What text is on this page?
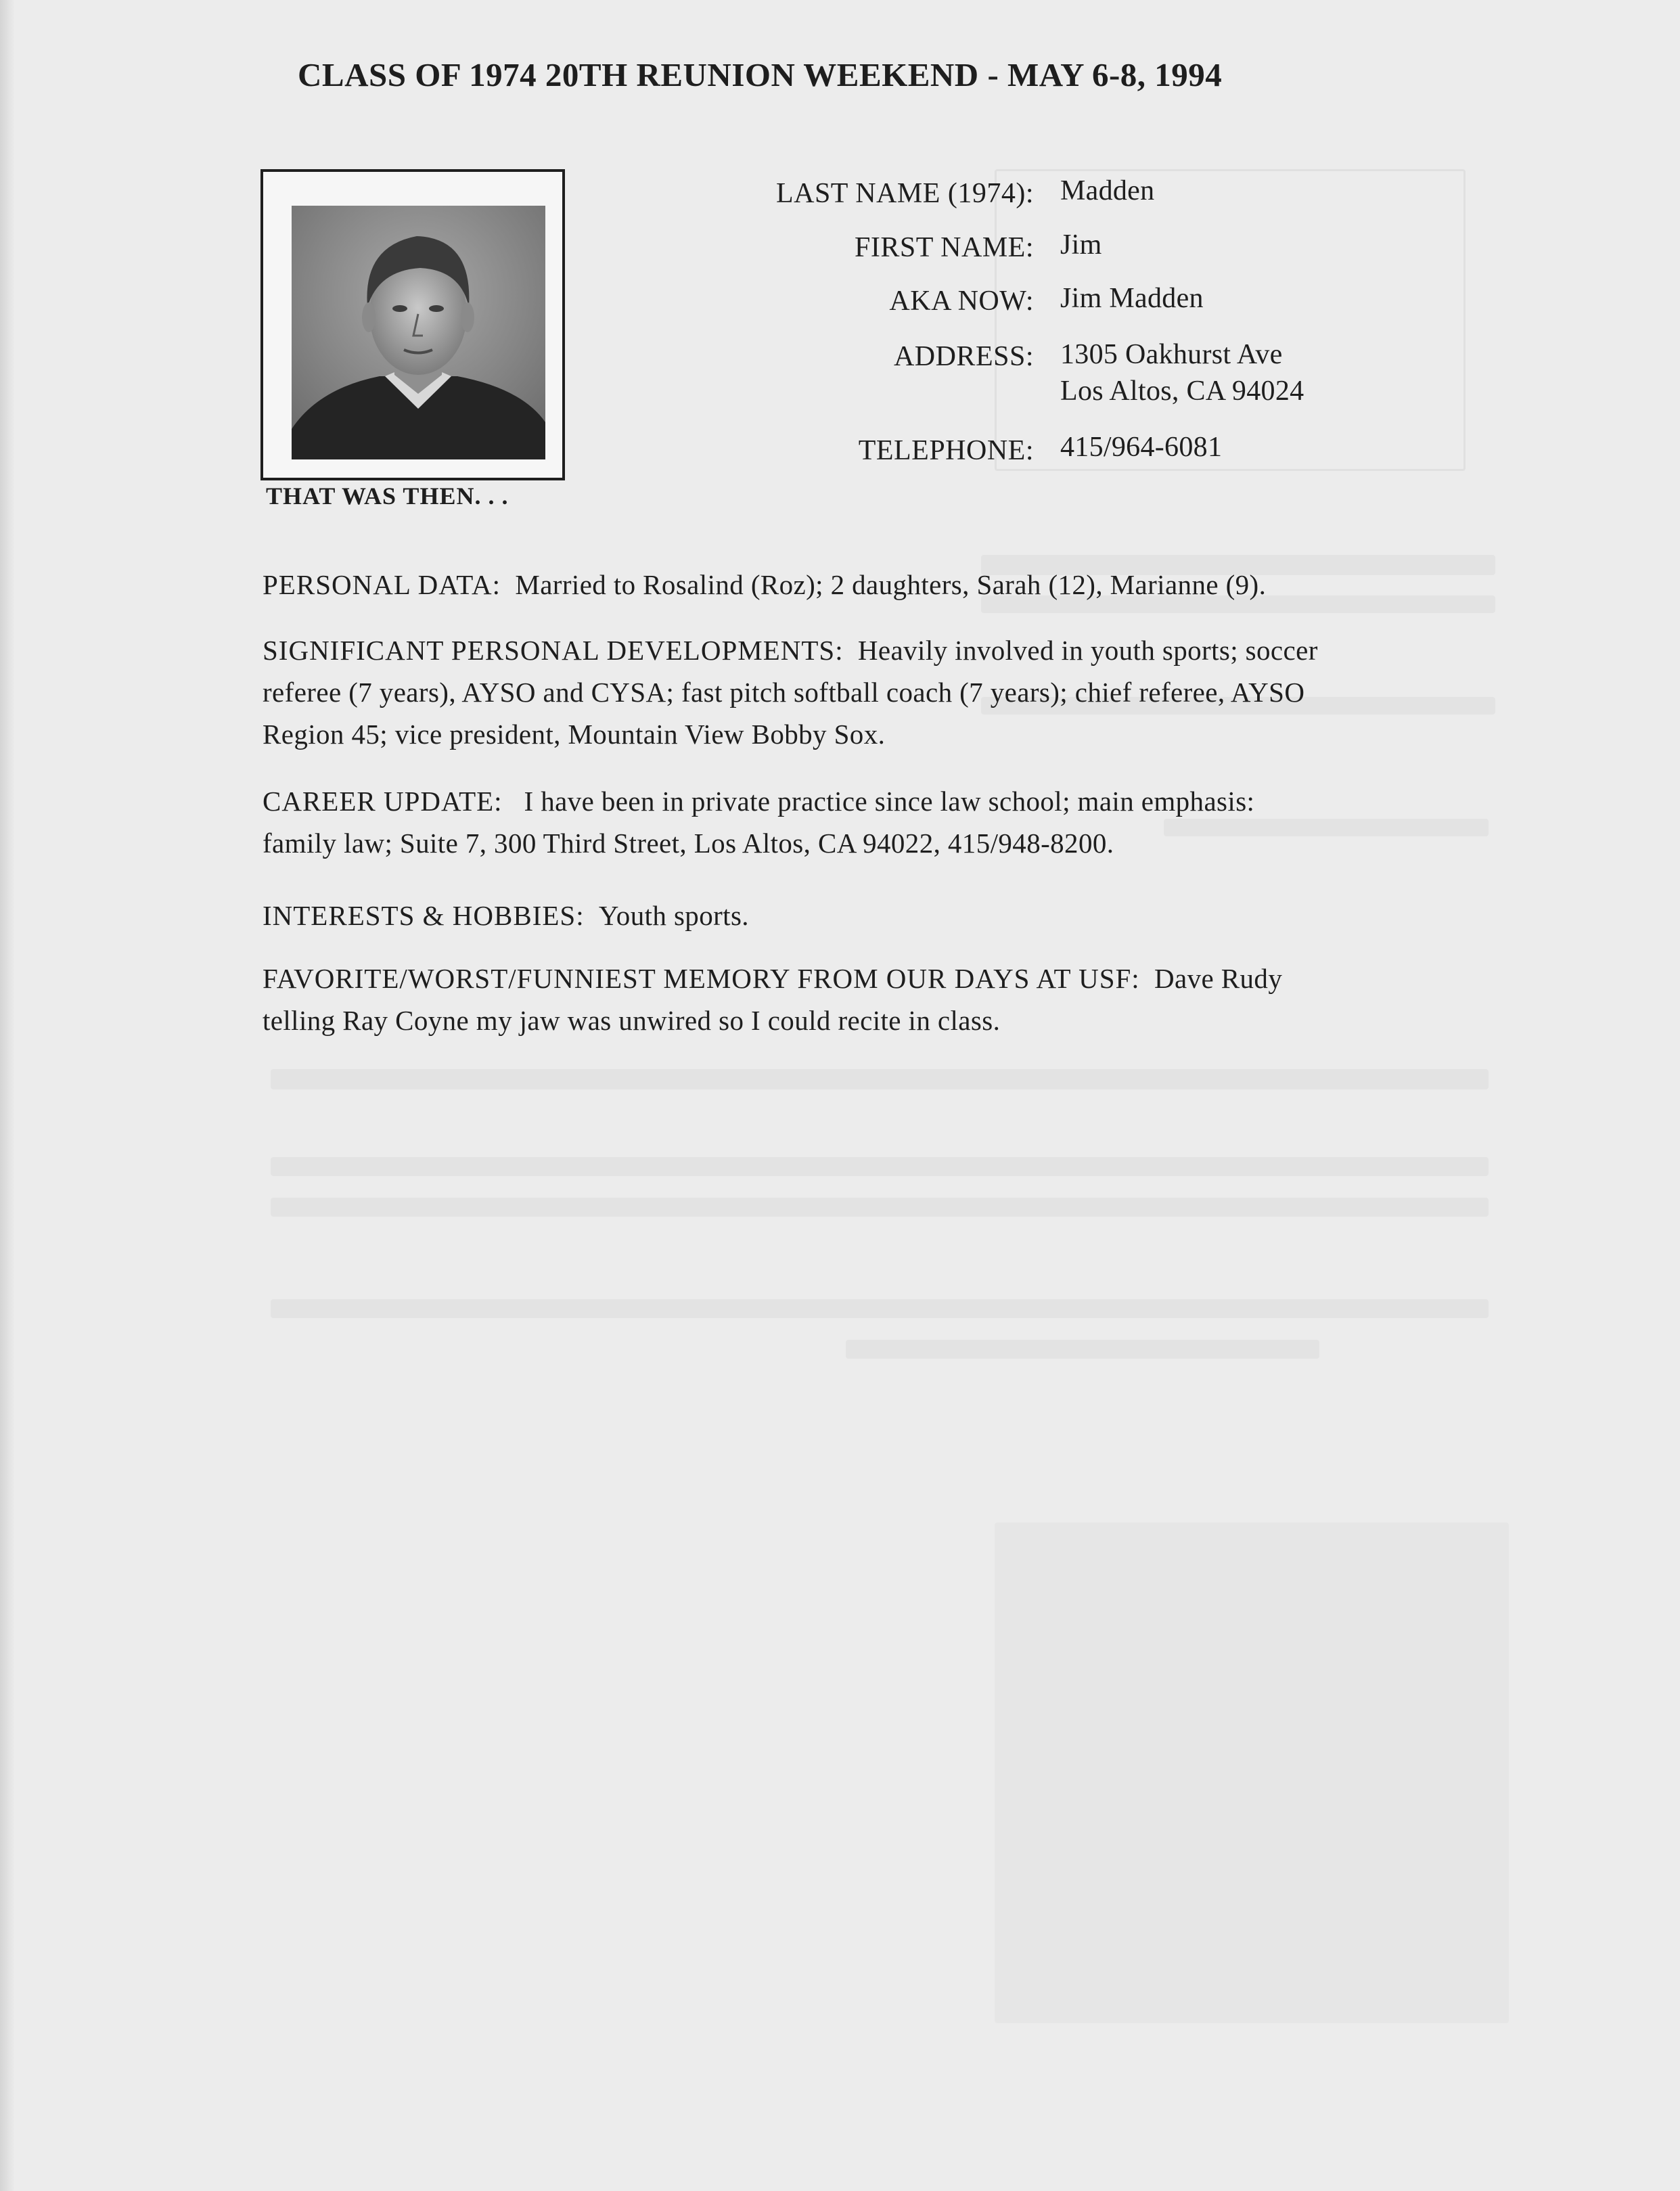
CLASS OF 1974 20TH REUNION WEEKEND - MAY 6-8, 1994
THAT WAS THEN. . .
LAST NAME (1974): Madden
FIRST NAME: Jim
AKA NOW: Jim Madden
ADDRESS: 1305 Oakhurst Ave
Los Altos, CA 94024
TELEPHONE: 415/964-6081
PERSONAL DATA: Married to Rosalind (Roz); 2 daughters, Sarah (12), Marianne (9).
SIGNIFICANT PERSONAL DEVELOPMENTS: Heavily involved in youth sports; soccer
referee (7 years), AYSO and CYSA; fast pitch softball coach (7 years); chief referee, AYSO
Region 45; vice president, Mountain View Bobby Sox.
CAREER UPDATE: I have been in private practice since law school; main emphasis:
family law; Suite 7, 300 Third Street, Los Altos, CA 94022, 415/948-8200.
INTERESTS & HOBBIES: Youth sports.
FAVORITE/WORST/FUNNIEST MEMORY FROM OUR DAYS AT USF: Dave Rudy
telling Ray Coyne my jaw was unwired so I could recite in class.
